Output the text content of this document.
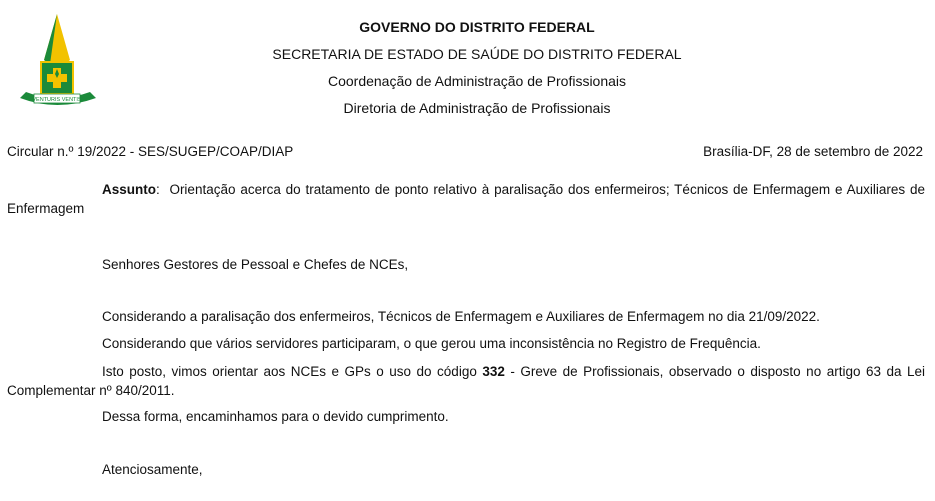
VENTURIS VENTIS
GOVERNO DO DISTRITO FEDERAL
SECRETARIA DE ESTADO DE SAÚDE DO DISTRITO FEDERAL
Coordenação de Administração de Profissionais
Diretoria de Administração de Profissionais
Circular n.º 19/2022 - SES/SUGEP/COAP/DIAP	Brasília-DF, 28 de setembro de 2022
Assunto:  Orientação acerca do tratamento de ponto relativo à paralisação dos enfermeiros; Técnicos de Enfermagem e Auxiliares de Enfermagem
Senhores Gestores de Pessoal e Chefes de NCEs,
Considerando a paralisação dos enfermeiros, Técnicos de Enfermagem e Auxiliares de Enfermagem no dia 21/09/2022.
Considerando que vários servidores participaram, o que gerou uma inconsistência no Registro de Frequência.
Isto posto, vimos orientar aos NCEs e GPs o uso do código 332 - Greve de Profissionais, observado o disposto no artigo 63 da Lei Complementar nº 840/2011.
Dessa forma, encaminhamos para o devido cumprimento.
Atenciosamente,
